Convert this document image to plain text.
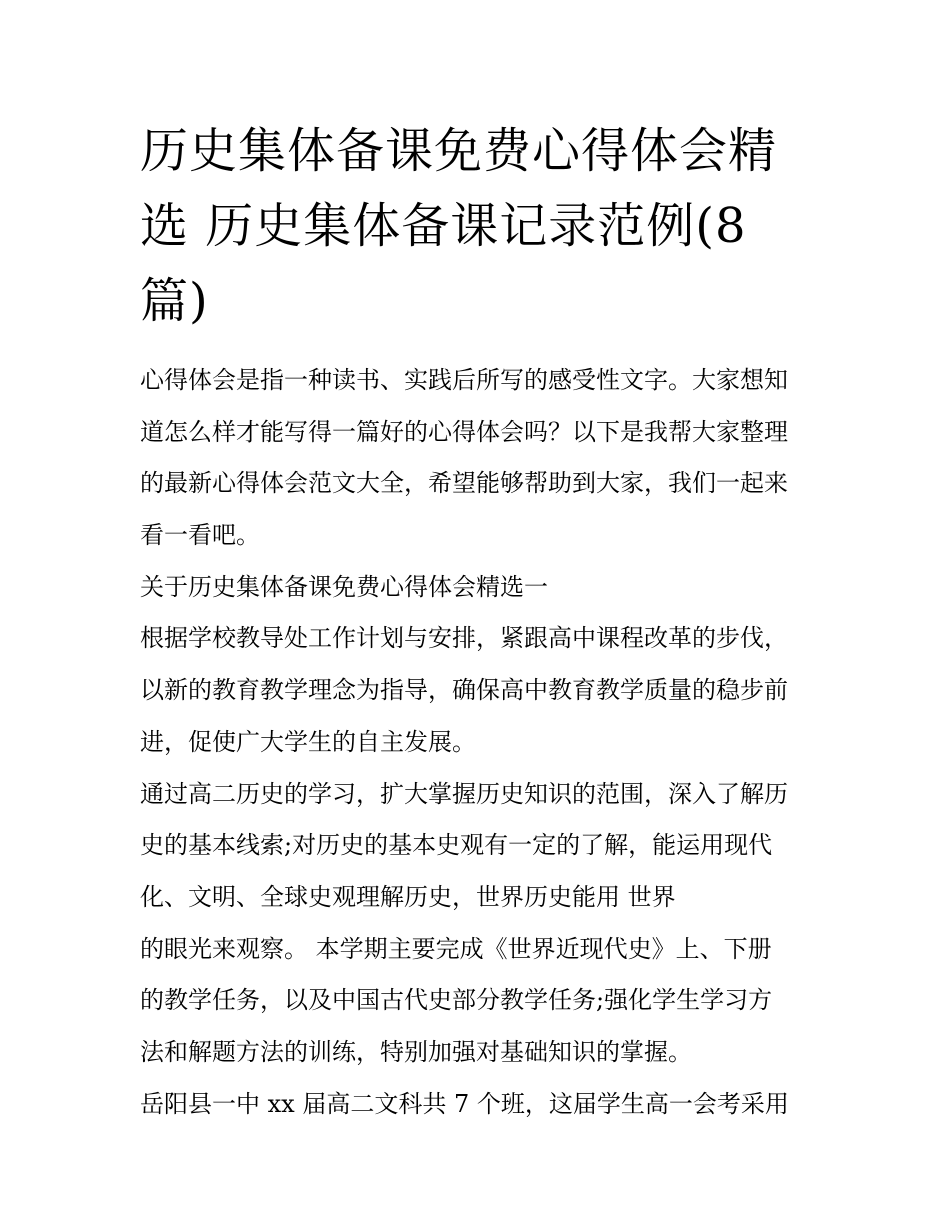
历史集体备课免费心得体会精
选 历史集体备课记录范例(8
篇)
心得体会是指一种读书、实践后所写的感受性文字。大家想知
道怎么样才能写得一篇好的心得体会吗？以下是我帮大家整理
的最新心得体会范文大全，希望能够帮助到大家，我们一起来
看一看吧。
关于历史集体备课免费心得体会精选一
根据学校教导处工作计划与安排，紧跟高中课程改革的步伐，
以新的教育教学理念为指导，确保高中教育教学质量的稳步前
进，促使广大学生的自主发展。
通过高二历史的学习，扩大掌握历史知识的范围，深入了解历
史的基本线索;对历史的基本史观有一定的了解，能运用现代
化、文明、全球史观理解历史，世界历史能用 世界
的眼光来观察。 本学期主要完成《世界近现代史》上、下册
的教学任务，以及中国古代史部分教学任务;强化学生学习方
法和解题方法的训练，特别加强对基础知识的掌握。
岳阳县一中 xx 届高二文科共 7 个班，这届学生高一会考采用
